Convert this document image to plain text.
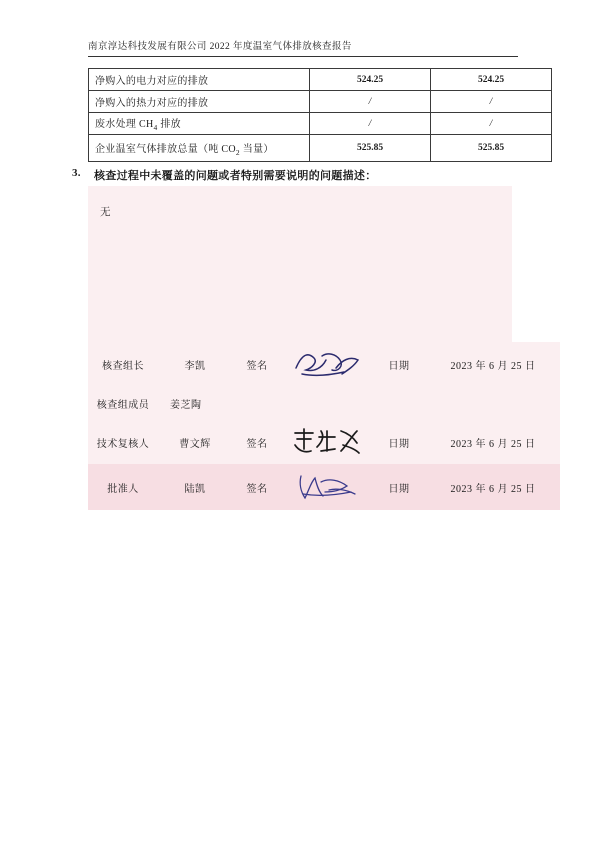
南京淳达科技发展有限公司 2022 年度温室气体排放核查报告
净购入的电力对应的排放	524.25	524.25
净购入的热力对应的排放	/	/
废水处理 $CH_4$ 排放	/	/
企业温室气体排放总量（吨 $CO_2$ 当量）	525.85	525.85
3. 核查过程中未覆盖的问题或者特别需要说明的问题描述：
无
核查组长	李凯	签名		日期	2023 年 6 月 25 日
核查组成员	姜芝陶				
技术复核人	曹文辉	签名		日期	2023 年 6 月 25 日
批准人	陆凯	签名		日期	2023 年 6 月 25 日
